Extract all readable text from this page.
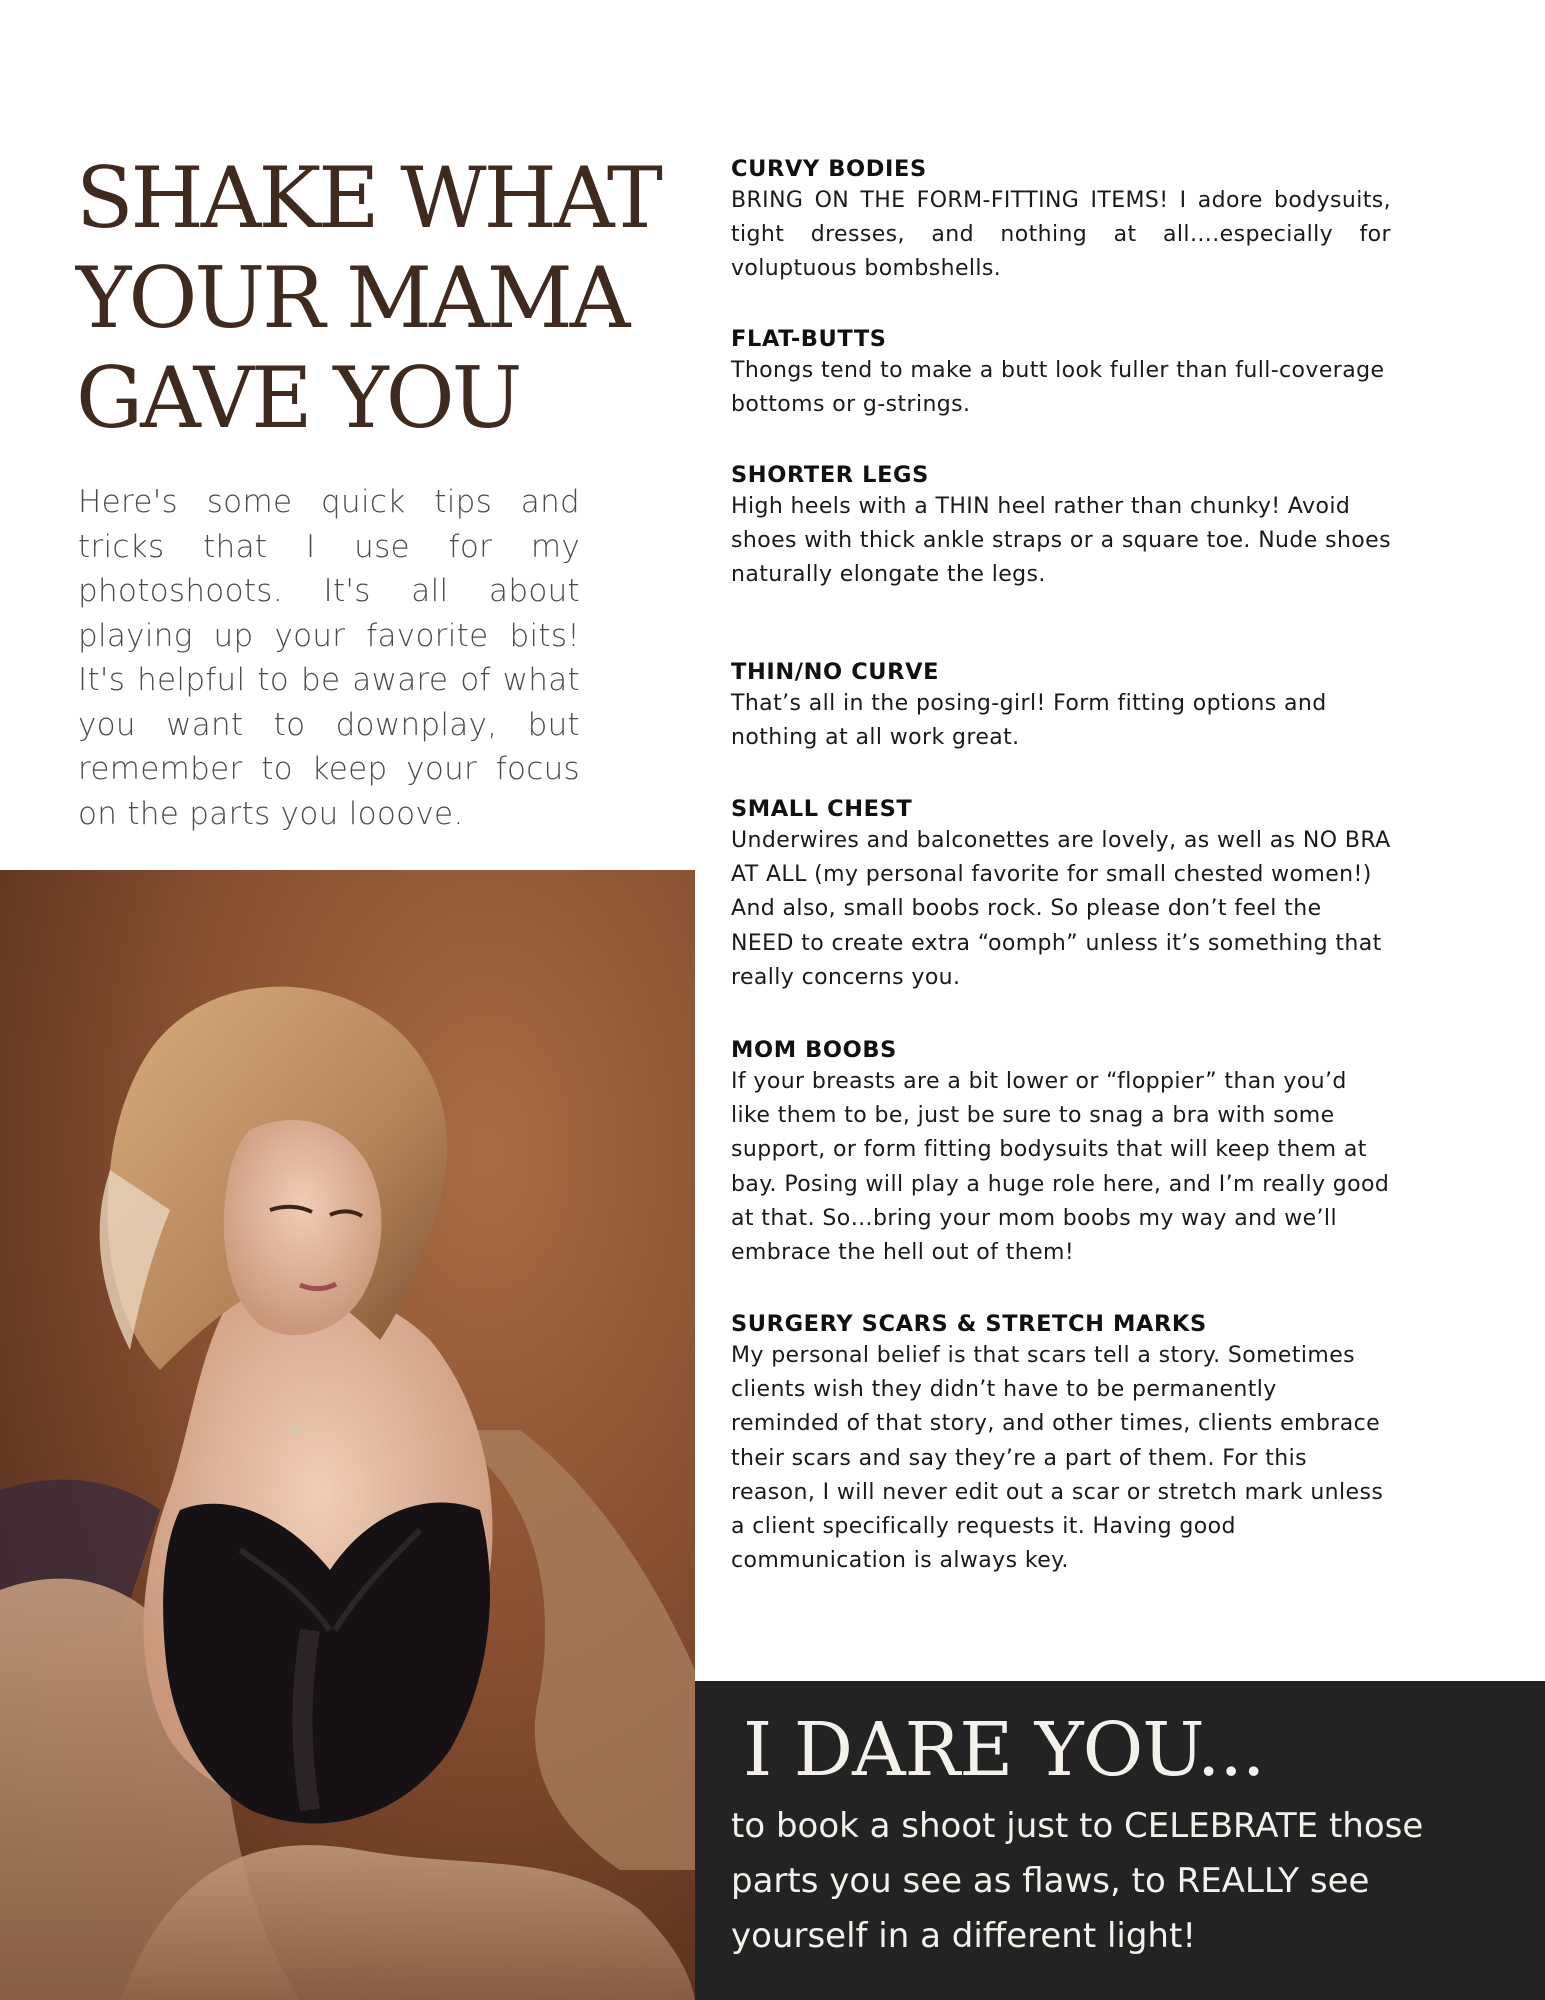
SHAKE WHAT
YOUR MAMA
GAVE YOU

Here's some quick tips and tricks that I use for my photoshoots. It's all about playing up your favorite bits! It's helpful to be aware of what you want to downplay, but remember to keep your focus on the parts you looove.

CURVY BODIES
BRING ON THE FORM-FITTING ITEMS! I adore bodysuits, tight dresses, and nothing at all….especially for voluptuous bombshells.
FLAT-BUTTS
Thongs tend to make a butt look fuller than full-coverage bottoms or g-strings.
SHORTER LEGS
High heels with a THIN heel rather than chunky! Avoid shoes with thick ankle straps or a square toe. Nude shoes naturally elongate the legs.
THIN/NO CURVE
That’s all in the posing-girl! Form fitting options and nothing at all work great.
SMALL CHEST
Underwires and balconettes are lovely, as well as NO BRA AT ALL (my personal favorite for small chested women!) And also, small boobs rock. So please don’t feel the NEED to create extra “oomph” unless it’s something that really concerns you.
MOM BOOBS
If your breasts are a bit lower or “floppier” than you’d like them to be, just be sure to snag a bra with some support, or form fitting bodysuits that will keep them at bay. Posing will play a huge role here, and I’m really good at that. So…bring your mom boobs my way and we’ll embrace the hell out of them!
SURGERY SCARS & STRETCH MARKS
My personal belief is that scars tell a story. Sometimes clients wish they didn’t have to be permanently reminded of that story, and other times, clients embrace their scars and say they’re a part of them. For this reason, I will never edit out a scar or stretch mark unless a client specifically requests it. Having good communication is always key.
I DARE YOU...

to book a shoot just to CELEBRATE those parts you see as flaws, to REALLY see yourself in a different light!
